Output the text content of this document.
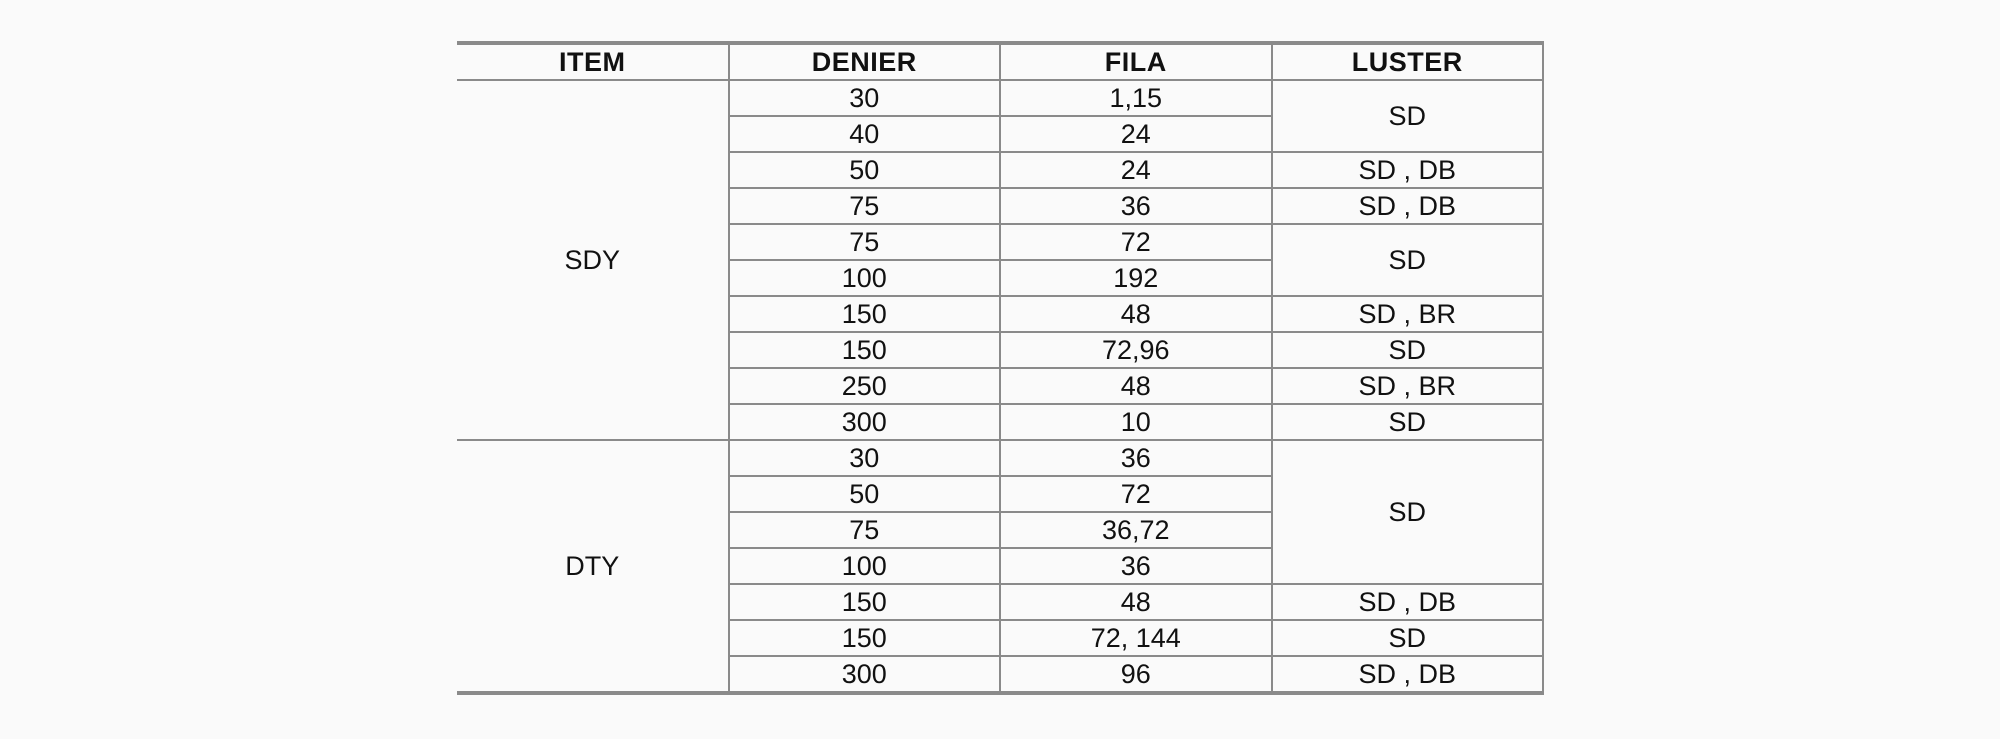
ITEM	DENIER	FILA	LUSTER
SDY	30	1,15	SD
	40	24	
	50	24	SD , DB
	75	36	SD , DB
	75	72	SD
	100	192	
	150	48	SD , BR
	150	72,96	SD
	250	48	SD , BR
	300	10	SD
DTY	30	36	SD
	50	72	
	75	36,72	
	100	36	
	150	48	SD , DB
	150	72, 144	SD
	300	96	SD , DB
